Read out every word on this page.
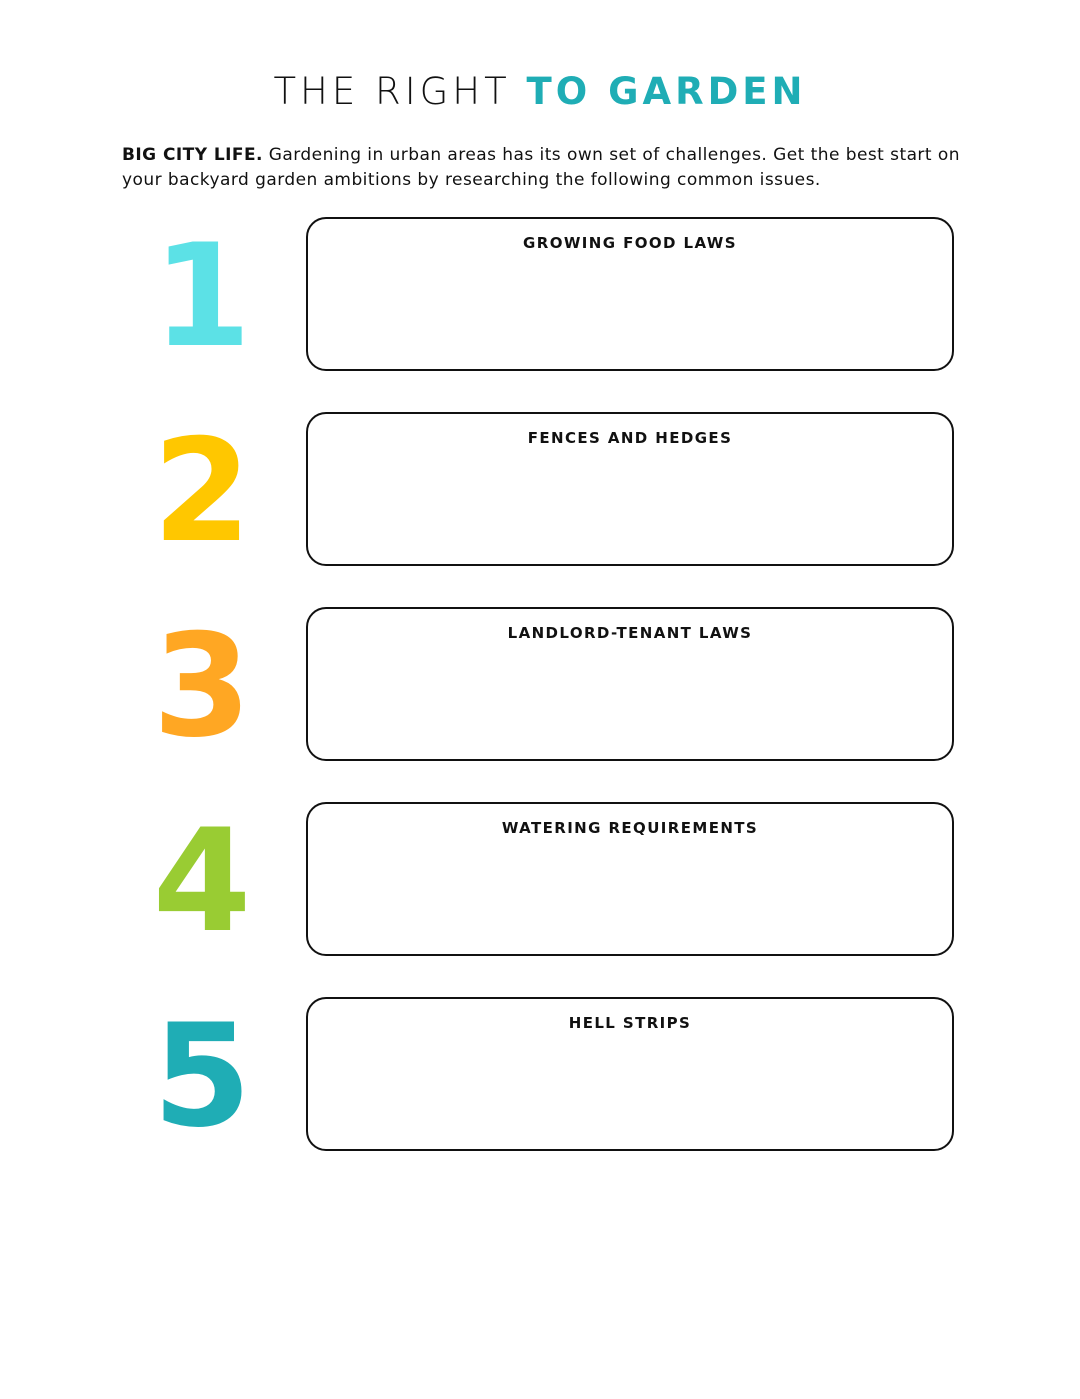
THE RIGHT TO GARDEN

BIG CITY LIFE. Gardening in urban areas has its own set of challenges. Get the best start on your backyard garden ambitions by researching the following common issues.

1	GROWING FOOD LAWS

2	FENCES AND HEDGES

3	LANDLORD-TENANT LAWS

4	WATERING REQUIREMENTS

5	HELL STRIPS
